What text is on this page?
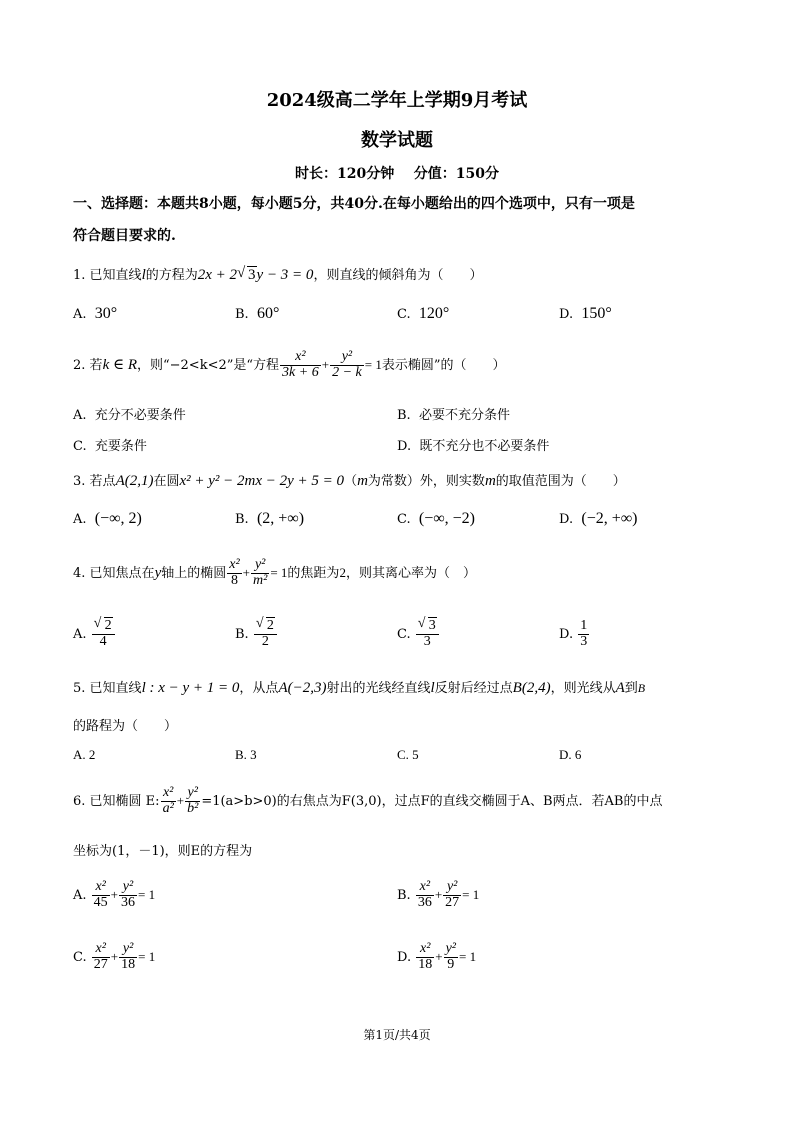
2024级高二学年上学期9月考试
数学试题
时长：120分钟    分值：150分
一、选择题：本题共8小题，每小题5分，共40分.在每小题给出的四个选项中，只有一项是
符合题目要求的.
1. 已知直线l的方程为2x + 2 √ 3y − 3 = 0，则直线的倾斜角为（　　）
A. 30°	B. 60°	C. 120°	D. 150°
2. 若k ∈ R，则“−2<k<2”是“方程 $\frac{\text{x²}}{3k + 6} + \frac{\text{y²}}{2 - k} = 1$表示椭圆”的（　　）
A. 充分不必要条件	B. 必要不充分条件
C. 充要条件	D. 既不充分也不必要条件
3. 若点A(2,1)在圆x² + y² − 2mx − 2y + 5 = 0（m为常数）外，则实数m的取值范围为（　　）
A. (−∞, 2)	B. (2, +∞)	C. (−∞, −2)	D. (−2, +∞)
4. 已知焦点在y轴上的椭圆 $\frac{\text{x²}}{8} + \frac{\text{y²}}{\text{m²}} = 1$的焦距为2，则其离心率为（　）
A. √ $\frac{2}{4}$	B. √ $\frac{2}{2}$	C. √ $\frac{3}{3}$	D. $\frac{1}{3}$
5. 已知直线l : x − y + 1 = 0，从点A(−2,3)射出的光线经直线l反射后经过点B(2,4)，则光线从A到B
的路程为（　　）
A. 2	B. 3	C. 5	D. 6
6. 已知椭圆 E: $\frac{\text{x²}}{\text{a²}} + \frac{\text{y²}}{\text{b²}} =1(a>b>0)$的右焦点为F(3,0)，过点F的直线交椭圆于A、B两点．若AB的中点
坐标为(1，－1)，则E的方程为
A. $\frac{\text{x²}}{45} + \frac{\text{y²}}{36} = 1$	B. $\frac{\text{x²}}{36} + \frac{\text{y²}}{27} = 1$
C. $\frac{\text{x²}}{27} + \frac{\text{y²}}{18} = 1$	D. $\frac{\text{x²}}{18} + \frac{\text{y²}}{9} = 1$
第1页/共4页
